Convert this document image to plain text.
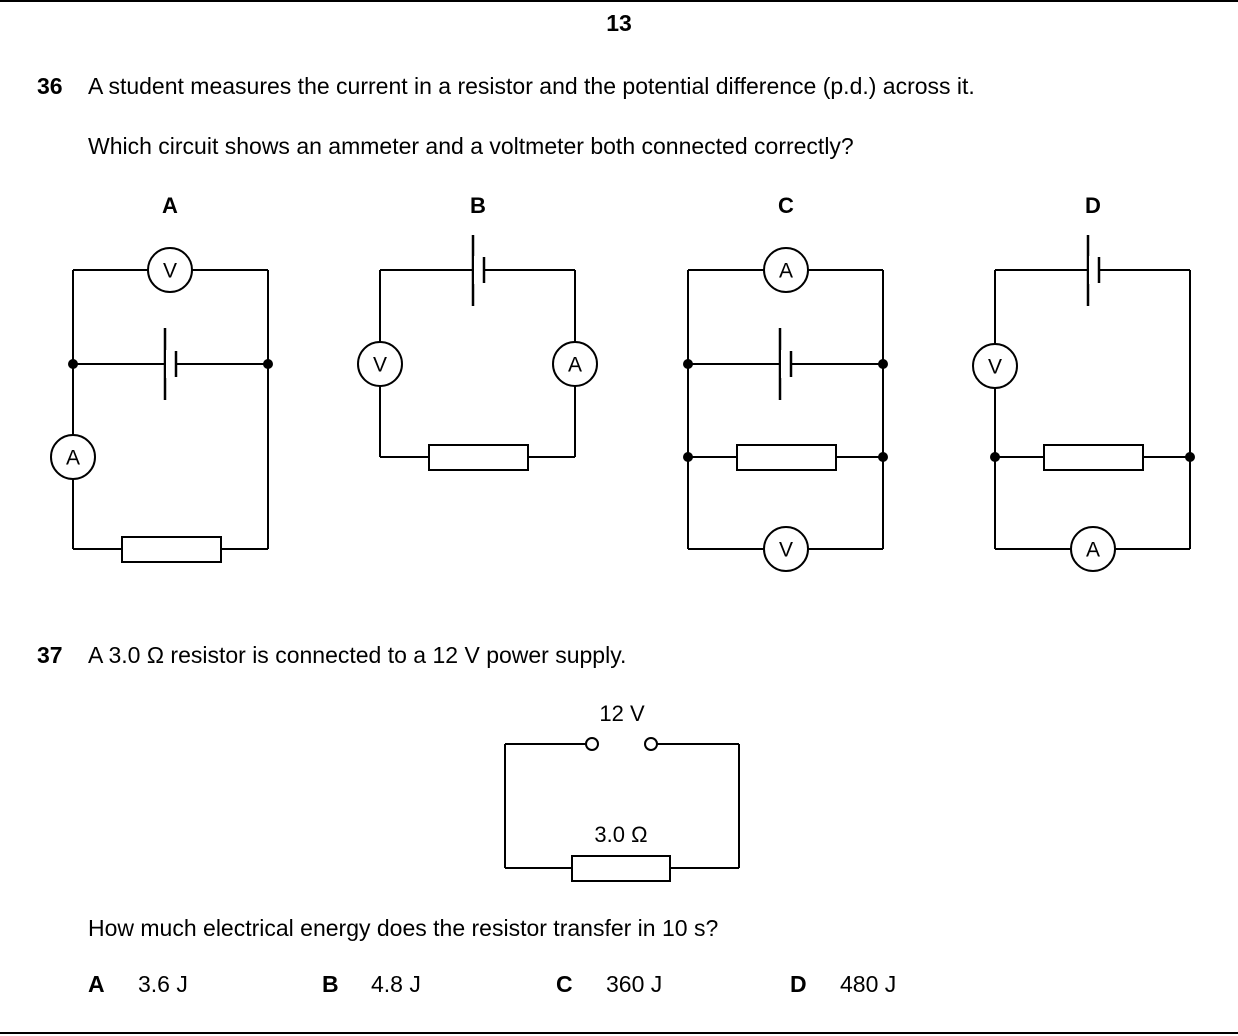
13
36 A student measures the current in a resistor and the potential difference (p.d.) across it.
Which circuit shows an ammeter and a voltmeter both connected correctly?
A
V
A
B
V	A
C
A
V
D
V
A
12 V
3.0 Ω
37 A 3.0 Ω resistor is connected to a 12 V power supply.
How much electrical energy does the resistor transfer in 10 s?
A 3.6 J	B 4.8 J	C 360 J	D 480 J
